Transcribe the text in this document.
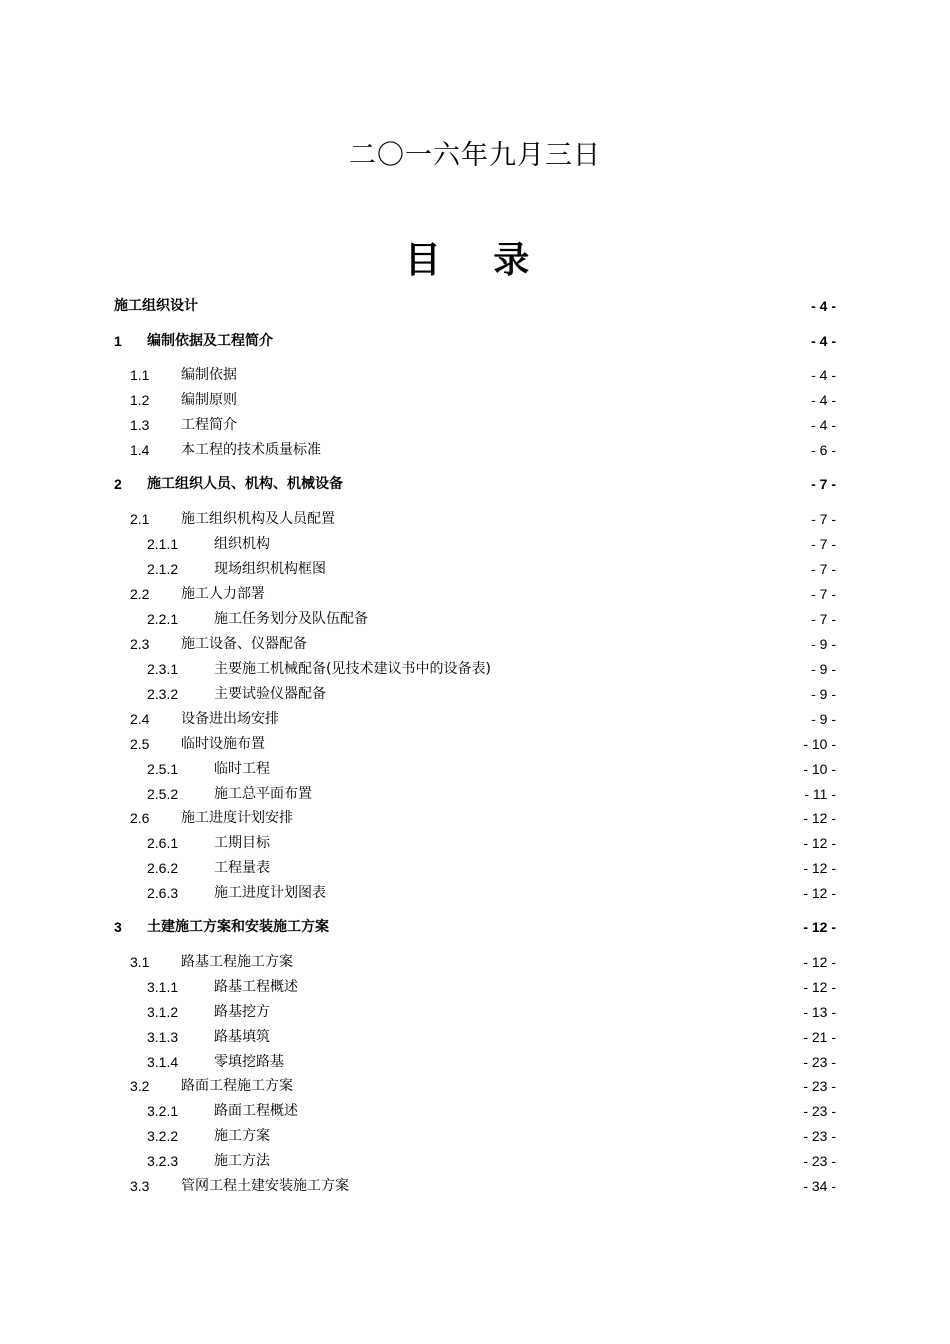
二〇一六年九月三日
目 录
施工组织设计	- 4 -
1 编制依据及工程简介	- 4 -
1.1 编制依据	- 4 -
1.2 编制原则	- 4 -
1.3 工程简介	- 4 -
1.4 本工程的技术质量标准	- 6 -
2 施工组织人员、机构、机械设备	- 7 -
2.1 施工组织机构及人员配置	- 7 -
2.1.1	组织机构	- 7 -
2.1.2	现场组织机构框图	- 7 -
2.2 施工人力部署	- 7 -
2.2.1	施工任务划分及队伍配备	- 7 -
2.3 施工设备、仪器配备	- 9 -
2.3.1	主要施工机械配备(见技术建议书中的设备表)	- 9 -
2.3.2	主要试验仪器配备	- 9 -
2.4 设备进出场安排	- 9 -
2.5 临时设施布置	- 10 -
2.5.1	临时工程	- 10 -
2.5.2	施工总平面布置	- 11 -
2.6 施工进度计划安排	- 12 -
2.6.1	工期目标	- 12 -
2.6.2	工程量表	- 12 -
2.6.3	施工进度计划图表	- 12 -
3 土建施工方案和安装施工方案	- 12 -
3.1 路基工程施工方案	- 12 -
3.1.1	路基工程概述	- 12 -
3.1.2	路基挖方	- 13 -
3.1.3	路基填筑	- 21 -
3.1.4	零填挖路基	- 23 -
3.2 路面工程施工方案	- 23 -
3.2.1	路面工程概述	- 23 -
3.2.2	施工方案	- 23 -
3.2.3	施工方法	- 23 -
3.3 管网工程土建安装施工方案	- 34 -
